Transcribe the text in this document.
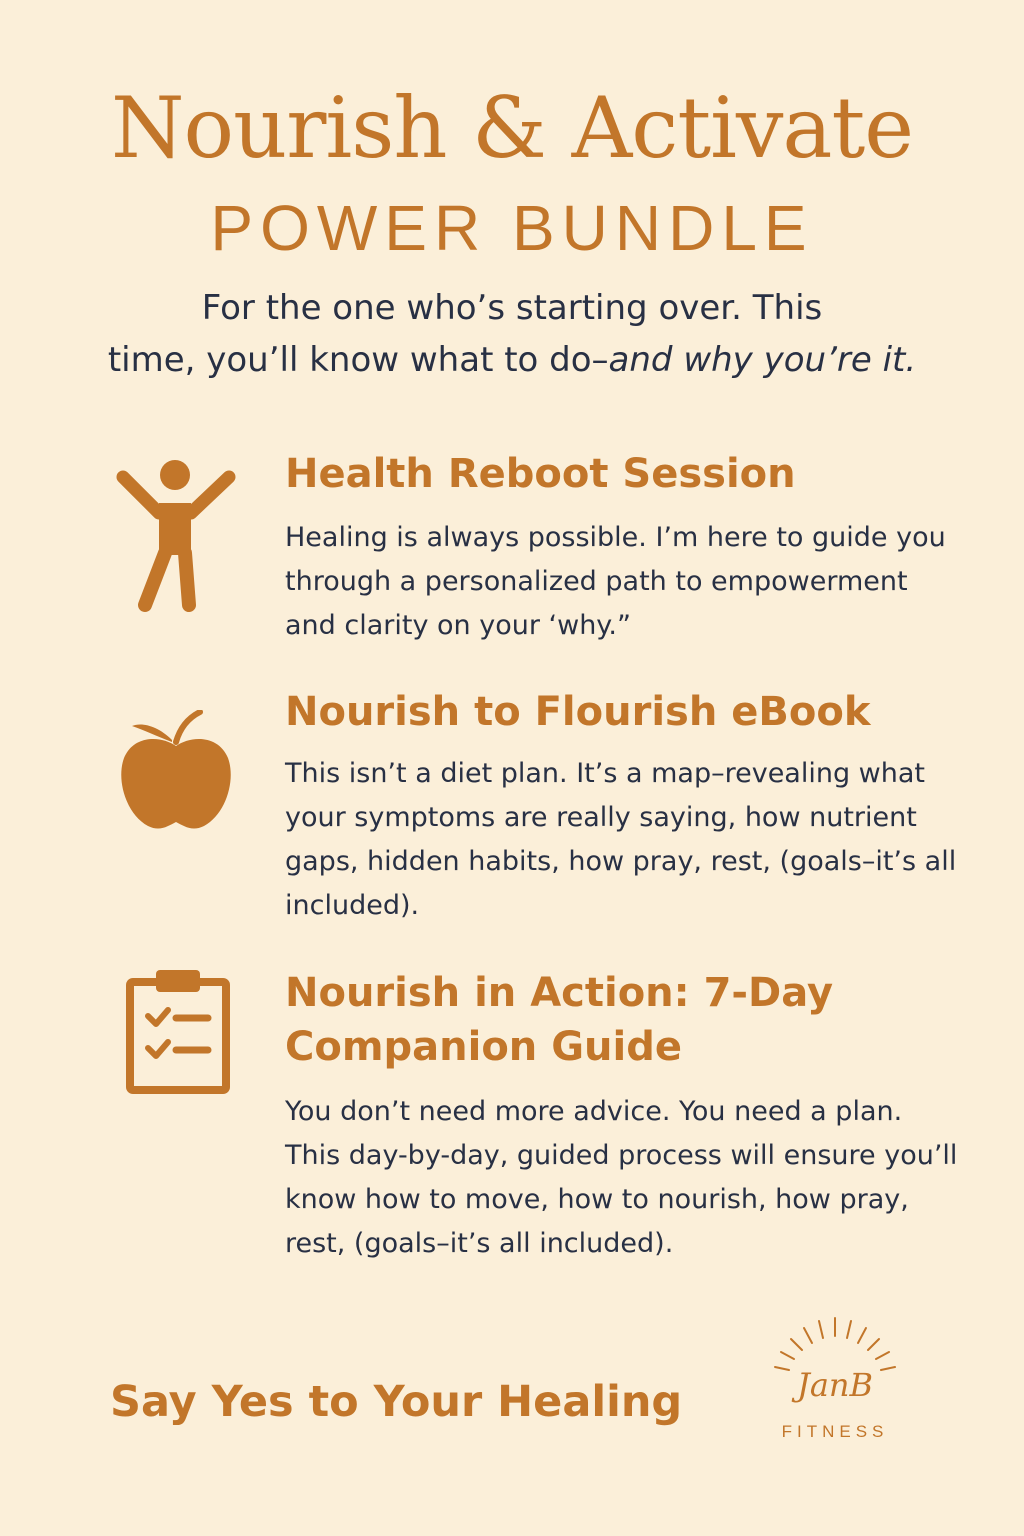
Nourish & Activate
POWER BUNDLE

For the one who’s starting over. This
time, you’ll know what to do–and why you’re it.

Health Reboot Session

Healing is always possible. I’m here to guide you through a personalized path to empowerment and clarity on your ‘why.”

Nourish to Flourish eBook

This isn’t a diet plan. It’s a map–revealing what your symptoms are really saying, how nutrient gaps, hidden habits, how pray, rest, (goals–it’s all included).

Nourish in Action: 7-Day Companion Guide

You don’t need more advice. You need a plan. This day-by-day, guided process will ensure you’ll know how to move, how to nourish, how pray, rest, (goals–it’s all included).

Say Yes to Your Healing	JanB
FITNESS
